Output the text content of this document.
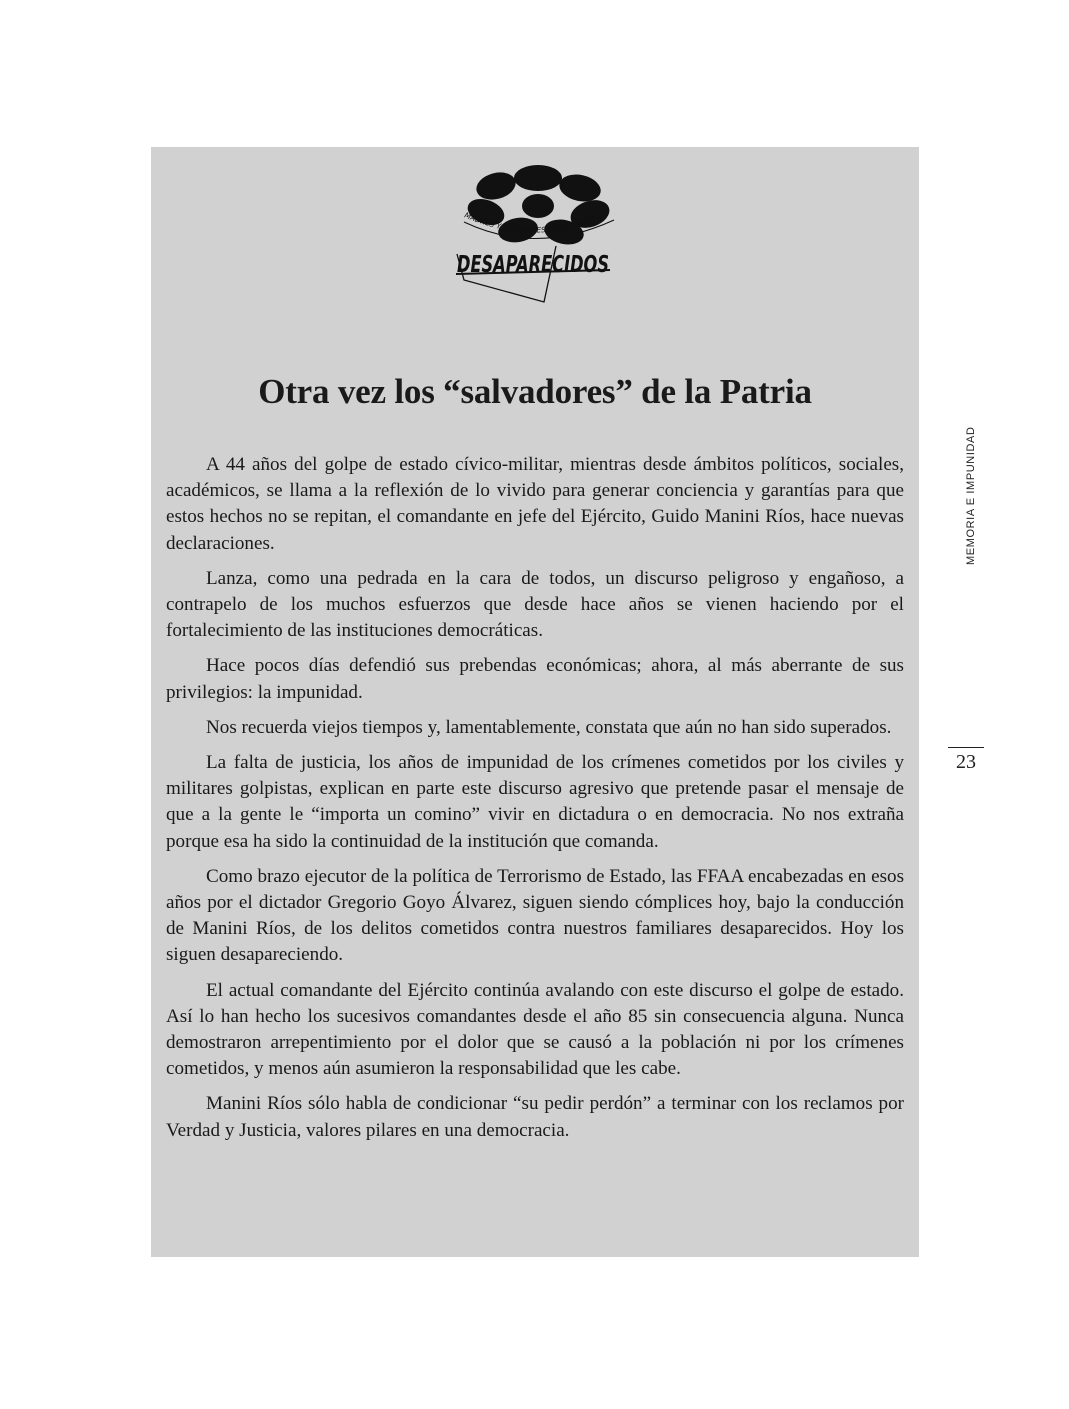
MADRES Y FAMILIARES DE DETENIDOS
DESAPARECIDOS
Otra vez los “salvadores” de la Patria

A 44 años del golpe de estado cívico-militar, mientras desde ámbitos políticos, sociales, académicos, se llama a la reflexión de lo vivido para generar conciencia y garantías para que estos hechos no se repitan, el comandante en jefe del Ejército, Guido Manini Ríos, hace nuevas declaraciones.

Lanza, como una pedrada en la cara de todos, un discurso peligroso y engañoso, a contrapelo de los muchos esfuerzos que desde hace años se vienen haciendo por el fortalecimiento de las instituciones democráticas.

Hace pocos días defendió sus prebendas económicas; ahora, al más aberrante de sus privilegios: la impunidad.

Nos recuerda viejos tiempos y, lamentablemente, constata que aún no han sido superados.

La falta de justicia, los años de impunidad de los crímenes cometidos por los civiles y militares golpistas, explican en parte este discurso agresivo que pretende pasar el mensaje de que a la gente le “importa un comino” vivir en dictadura o en democracia. No nos extraña porque esa ha sido la continuidad de la institución que comanda.

Como brazo ejecutor de la política de Terrorismo de Estado, las FFAA encabezadas en esos años por el dictador Gregorio Goyo Álvarez, siguen siendo cómplices hoy, bajo la conducción de Manini Ríos, de los delitos cometidos contra nuestros familiares desaparecidos. Hoy los siguen desapareciendo.

El actual comandante del Ejército continúa avalando con este discurso el golpe de estado. Así lo han hecho los sucesivos comandantes desde el año 85 sin consecuencia alguna. Nunca demostraron arrepentimiento por el dolor que se causó a la población ni por los crímenes cometidos, y menos aún asumieron la responsabilidad que les cabe.

Manini Ríos sólo habla de condicionar “su pedir perdón” a terminar con los reclamos por Verdad y Justicia, valores pilares en una democracia.

MEMORIA E IMPUNIDAD
23
